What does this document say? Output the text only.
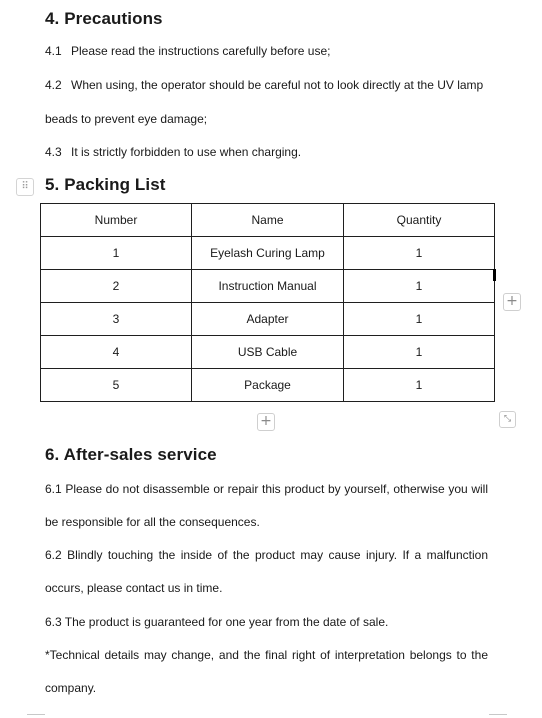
4. Precautions

4.1 Please read the instructions carefully before use;

4.2 When using, the operator should be careful not to look directly at the UV lamp

beads to prevent eye damage;

4.3 It is strictly forbidden to use when charging.

⠿ 5. Packing List
Number	Name	Quantity
1	Eyelash Curing Lamp	1
2	Instruction Manual	1
3	Adapter	1
4	USB Cable	1
5	Package	1
+
+	⤡
6. After-sales service

6.1 Please do not disassemble or repair this product by yourself, otherwise you will

be responsible for all the consequences.

6.2 Blindly touching the inside of the product may cause injury. If a malfunction

occurs, please contact us in time.

6.3 The product is guaranteed for one year from the date of sale.

*Technical details may change, and the final right of interpretation belongs to the

company.
